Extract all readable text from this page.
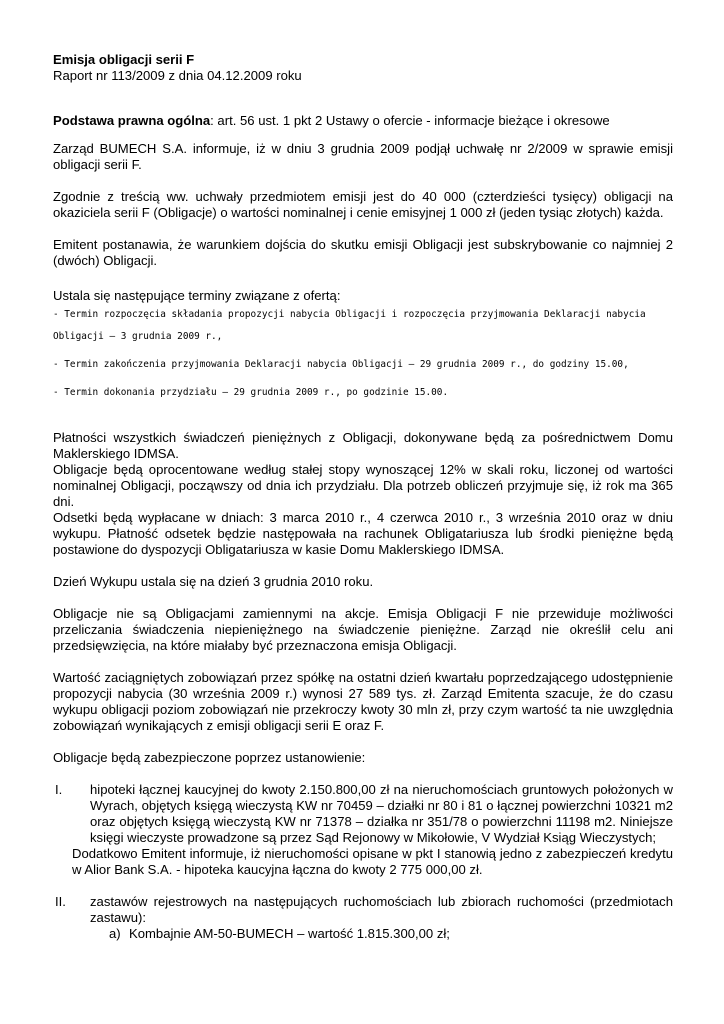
Emisja obligacji serii F
Raport nr 113/2009 z dnia 04.12.2009 roku

Podstawa prawna ogólna: art. 56 ust. 1 pkt 2 Ustawy o ofercie - informacje bieżące i okresowe

Zarząd BUMECH S.A. informuje, iż w dniu 3 grudnia 2009 podjął uchwałę nr 2/2009 w sprawie emisji obligacji serii F.

Zgodnie z treścią ww. uchwały przedmiotem emisji jest do 40 000 (czterdzieści tysięcy) obligacji na okaziciela serii F (Obligacje) o wartości nominalnej i cenie emisyjnej 1 000 zł (jeden tysiąc złotych) każda.

Emitent postanawia, że warunkiem dojścia do skutku emisji Obligacji jest subskrybowanie co najmniej 2 (dwóch) Obligacji.

Ustala się następujące terminy związane z ofertą:

- Termin rozpoczęcia składania propozycji nabycia Obligacji i rozpoczęcia przyjmowania Deklaracji nabycia
Obligacji – 3 grudnia 2009 r.,
- Termin zakończenia przyjmowania Deklaracji nabycia Obligacji – 29 grudnia 2009 r., do godziny 15.00,
- Termin dokonania przydziału – 29 grudnia 2009 r., po godzinie 15.00.

Płatności wszystkich świadczeń pieniężnych z Obligacji, dokonywane będą za pośrednictwem Domu Maklerskiego IDMSA.

Obligacje będą oprocentowane według stałej stopy wynoszącej 12% w skali roku, liczonej od wartości nominalnej Obligacji, począwszy od dnia ich przydziału. Dla potrzeb obliczeń przyjmuje się, iż rok ma 365 dni.

Odsetki będą wypłacane w dniach: 3 marca 2010 r., 4 czerwca 2010 r., 3 września 2010 oraz w dniu wykupu. Płatność odsetek będzie następowała na rachunek Obligatariusza lub środki pieniężne będą postawione do dyspozycji Obligatariusza w kasie Domu Maklerskiego IDMSA.

Dzień Wykupu ustala się na dzień 3 grudnia 2010 roku.

Obligacje nie są Obligacjami zamiennymi na akcje. Emisja Obligacji F nie przewiduje możliwości przeliczania świadczenia niepieniężnego na świadczenie pieniężne. Zarząd nie określił celu ani przedsięwzięcia, na które miałaby być przeznaczona emisja Obligacji.

Wartość zaciągniętych zobowiązań przez spółkę na ostatni dzień kwartału poprzedzającego udostępnienie propozycji nabycia (30 września 2009 r.) wynosi 27 589 tys. zł. Zarząd Emitenta szacuje, że do czasu wykupu obligacji poziom zobowiązań nie przekroczy kwoty 30 mln zł, przy czym wartość ta nie uwzględnia zobowiązań wynikających z emisji obligacji serii E oraz F.

Obligacje będą zabezpieczone poprzez ustanowienie:

I. hipoteki łącznej kaucyjnej do kwoty 2.150.800,00 zł na nieruchomościach gruntowych położonych w Wyrach, objętych księgą wieczystą KW nr 70459 – działki nr 80 i 81 o łącznej powierzchni 10321 m2 oraz objętych księgą wieczystą KW nr 71378 – działka nr 351/78 o powierzchni 11198 m2. Niniejsze księgi wieczyste prowadzone są przez Sąd Rejonowy w Mikołowie, V Wydział Ksiąg Wieczystych;

Dodatkowo Emitent informuje, iż nieruchomości opisane w pkt I stanowią jedno z zabezpieczeń kredytu w Alior Bank S.A. - hipoteka kaucyjna łączna do kwoty 2 775 000,00 zł.

II. zastawów rejestrowych na następujących ruchomościach lub zbiorach ruchomości (przedmiotach zastawu):
a) Kombajnie AM-50-BUMECH – wartość 1.815.300,00 zł;
